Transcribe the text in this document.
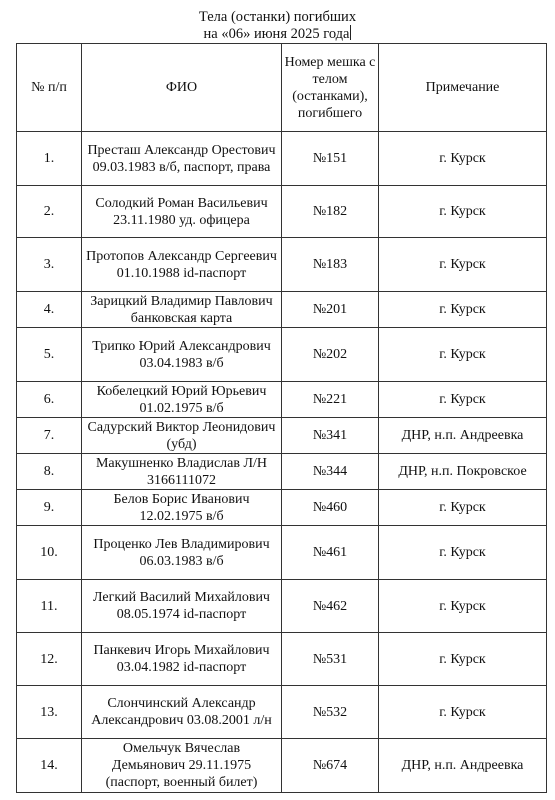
Тела (останки) погибших
на «06» июня 2025 года
№ п/п	ФИО	Номер мешка с телом (останками), погибшего	Примечание
1.	Престаш Александр Орестович 09.03.1983 в/б, паспорт, права	№151	г. Курск
2.	Солодкий Роман Васильевич 23.11.1980 уд. офицера	№182	г. Курск
3.	Протопов Александр Сергеевич 01.10.1988 id-паспорт	№183	г. Курск
4.	Зарицкий Владимир Павлович банковская карта	№201	г. Курск
5.	Трипко Юрий Александрович 03.04.1983 в/б	№202	г. Курск
6.	Кобелецкий Юрий Юрьевич 01.02.1975 в/б	№221	г. Курск
7.	Садурский Виктор Леонидович (убд)	№341	ДНР, н.п. Андреевка
8.	Макушненко Владислав Л/Н 3166111072	№344	ДНР, н.п. Покровское
9.	Белов Борис Иванович 12.02.1975 в/б	№460	г. Курск
10.	Проценко Лев Владимирович 06.03.1983 в/б	№461	г. Курск
11.	Легкий Василий Михайлович 08.05.1974 id-паспорт	№462	г. Курск
12.	Панкевич Игорь Михайлович 03.04.1982 id-паспорт	№531	г. Курск
13.	Слончинский Александр Александрович 03.08.2001 л/н	№532	г. Курск
14.	Омельчук Вячеслав Демьянович 29.11.1975 (паспорт, военный билет)	№674	ДНР, н.п. Андреевка
